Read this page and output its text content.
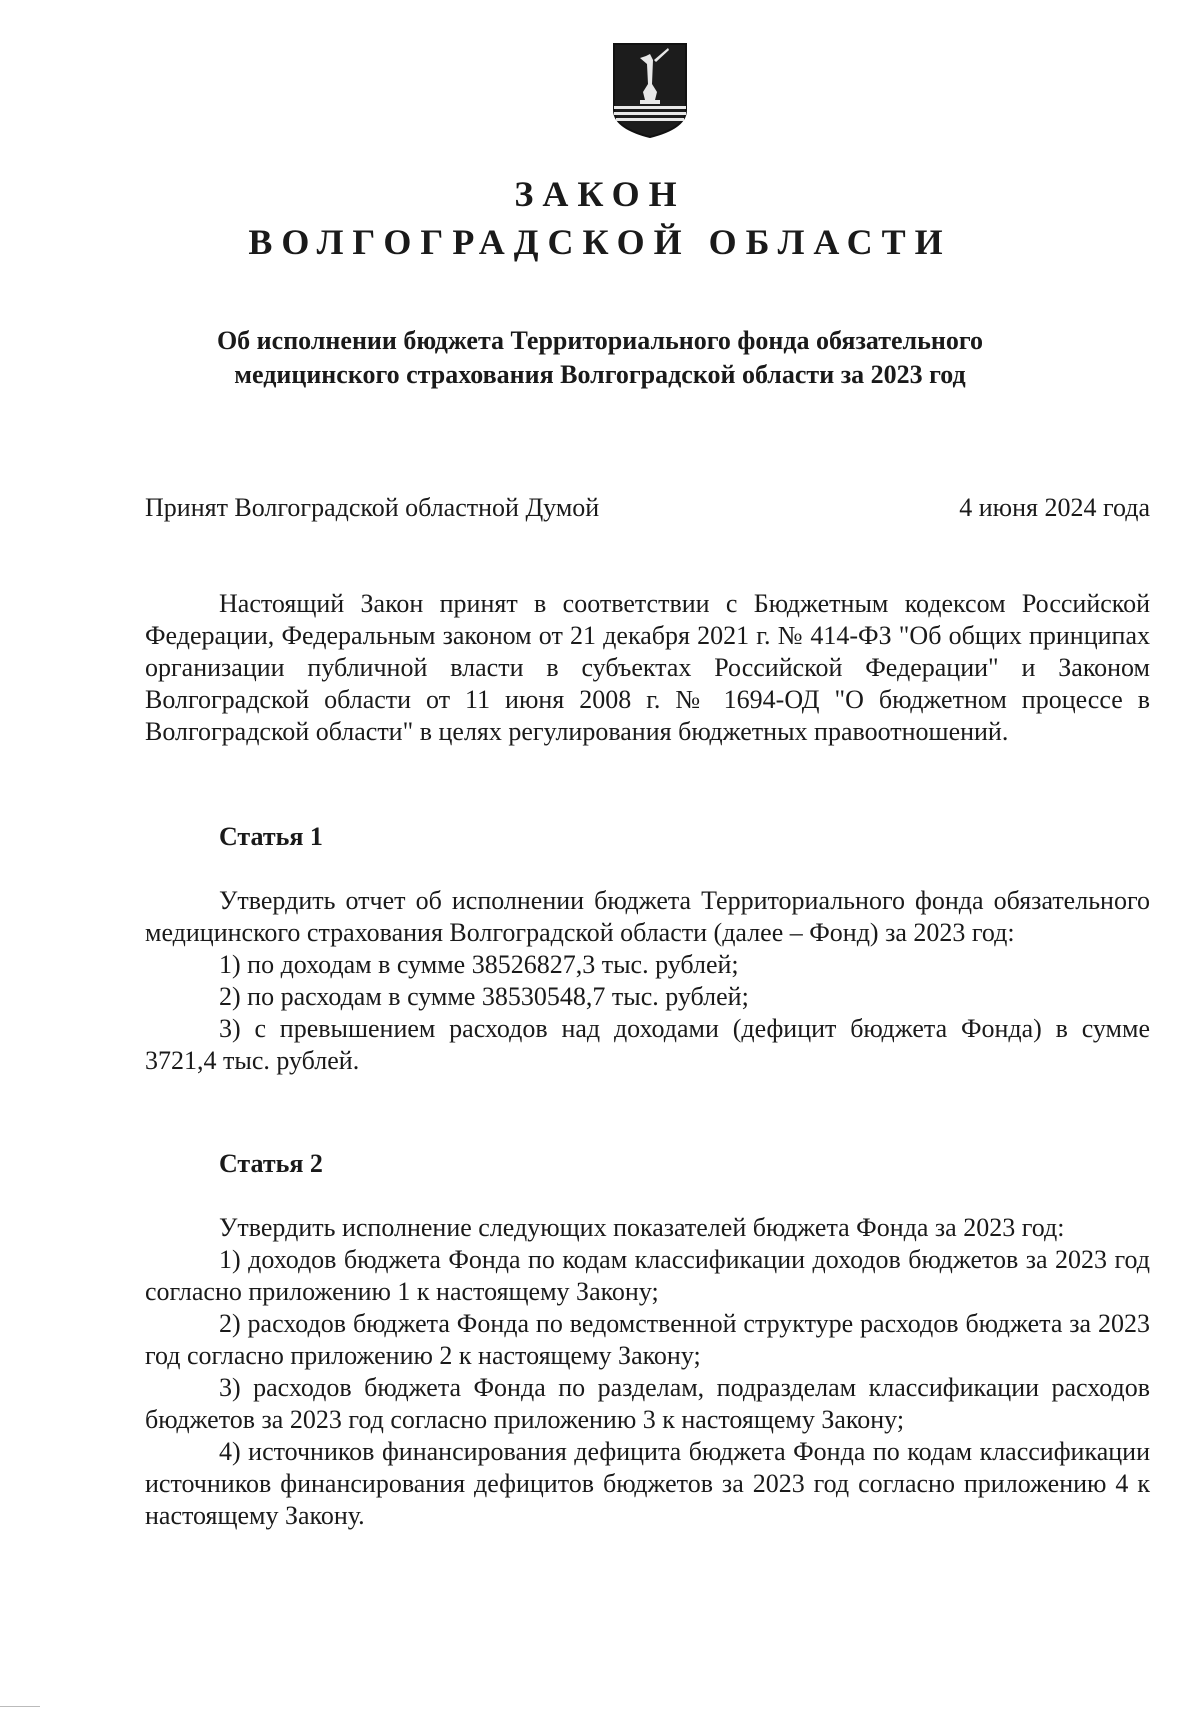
ЗАКОН
ВОЛГОГРАДСКОЙ ОБЛАСТИ
Об исполнении бюджета Территориального фонда обязательного
медицинского страхования Волгоградской области за 2023 год
Принят Волгоградской областной Думой	4 июня 2024 года
Настоящий Закон принят в соответствии с Бюджетным кодексом Российской Федерации, Федеральным законом от 21 декабря 2021 г. № 414-ФЗ "Об общих принципах организации публичной власти в субъектах Российской Федерации" и Законом Волгоградской области от 11 июня 2008 г. № 1694-ОД "О бюджетном процессе в Волгоградской области" в целях регулирования бюджетных правоотношений.
Статья 1

Утвердить отчет об исполнении бюджета Территориального фонда обязательного медицинского страхования Волгоградской области (далее – Фонд) за 2023 год:

1) по доходам в сумме 38526827,3 тыс. рублей;

2) по расходам в сумме 38530548,7 тыс. рублей;

3) с превышением расходов над доходами (дефицит бюджета Фонда) в сумме 3721,4 тыс. рублей.

Статья 2

Утвердить исполнение следующих показателей бюджета Фонда за 2023 год:

1) доходов бюджета Фонда по кодам классификации доходов бюджетов за 2023 год согласно приложению 1 к настоящему Закону;

2) расходов бюджета Фонда по ведомственной структуре расходов бюджета за 2023 год согласно приложению 2 к настоящему Закону;

3) расходов бюджета Фонда по разделам, подразделам классификации расходов бюджетов за 2023 год согласно приложению 3 к настоящему Закону;

4) источников финансирования дефицита бюджета Фонда по кодам классификации источников финансирования дефицитов бюджетов за 2023 год согласно приложению 4 к настоящему Закону.
